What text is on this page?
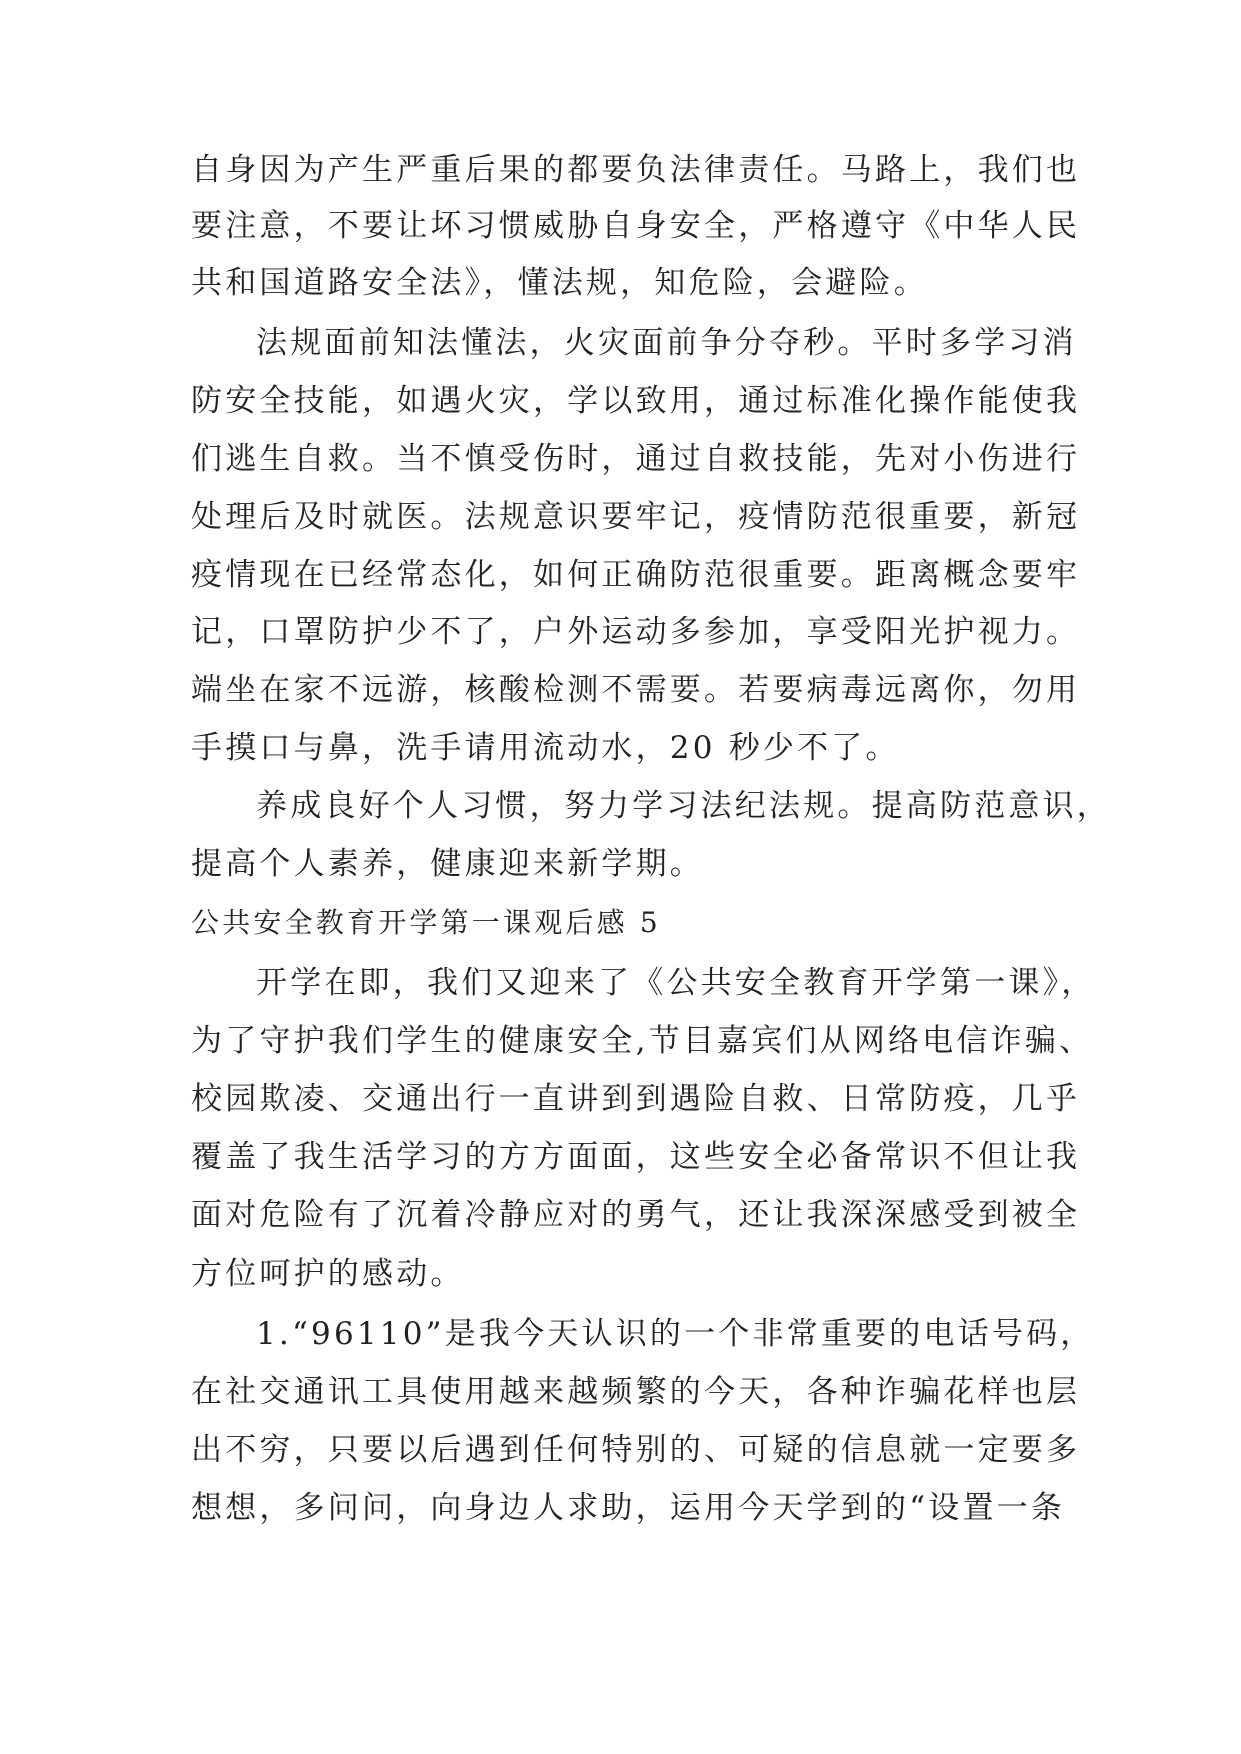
自身因为产生严重后果的都要负法律责任。马路上，我们也
要注意，不要让坏习惯威胁自身安全，严格遵守《中华人民
共和国道路安全法》，懂法规，知危险，会避险。
法规面前知法懂法，火灾面前争分夺秒。平时多学习消
防安全技能，如遇火灾，学以致用，通过标准化操作能使我
们逃生自救。当不慎受伤时，通过自救技能，先对小伤进行
处理后及时就医。法规意识要牢记，疫情防范很重要，新冠
疫情现在已经常态化，如何正确防范很重要。距离概念要牢
记，口罩防护少不了，户外运动多参加，享受阳光护视力。
端坐在家不远游，核酸检测不需要。若要病毒远离你，勿用
手摸口与鼻，洗手请用流动水，20 秒少不了。
养成良好个人习惯，努力学习法纪法规。提高防范意识，
提高个人素养，健康迎来新学期。
公共安全教育开学第一课观后感 5
开学在即，我们又迎来了《公共安全教育开学第一课》，
为了守护我们学生的健康安全,节目嘉宾们从网络电信诈骗、
校园欺凌、交通出行一直讲到到遇险自救、日常防疫，几乎
覆盖了我生活学习的方方面面，这些安全必备常识不但让我
面对危险有了沉着冷静应对的勇气，还让我深深感受到被全
方位呵护的感动。
1.“96110”是我今天认识的一个非常重要的电话号码，
在社交通讯工具使用越来越频繁的今天，各种诈骗花样也层
出不穷，只要以后遇到任何特别的、可疑的信息就一定要多
想想，多问问，向身边人求助，运用今天学到的“设置一条
